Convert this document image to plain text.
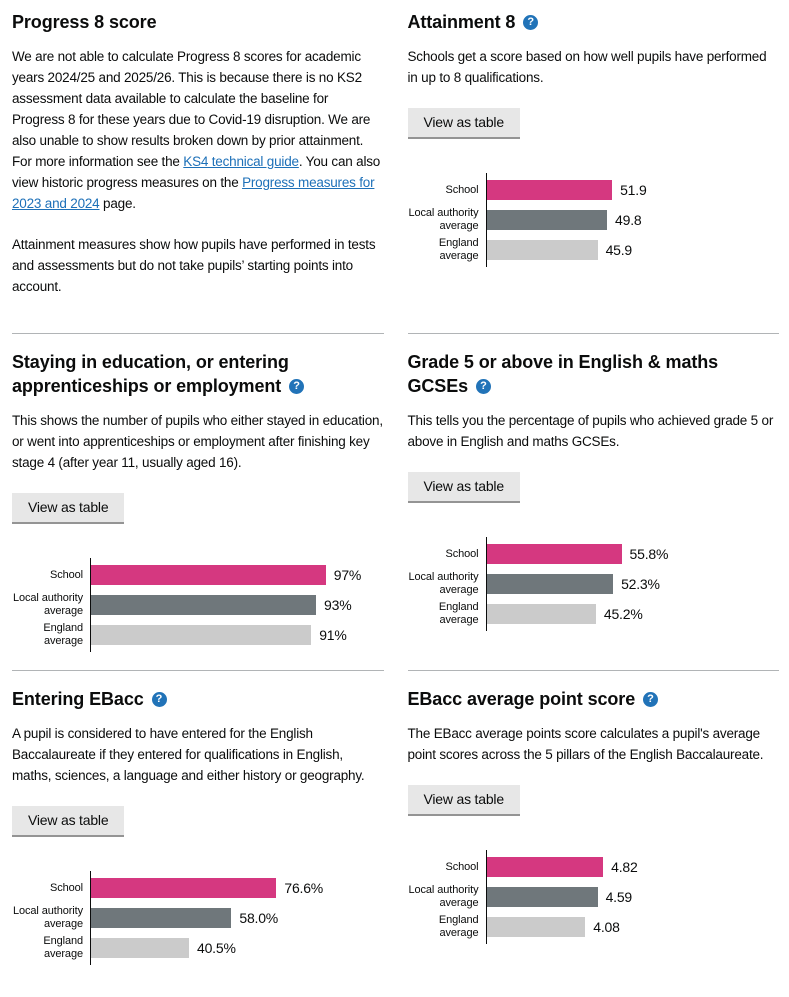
Progress 8 score

We are not able to calculate Progress 8 scores for academic years 2024/25 and 2025/26. This is because there is no KS2 assessment data available to calculate the baseline for Progress 8 for these years due to Covid-19 disruption. We are also unable to show results broken down by prior attainment. For more information see the KS4 technical guide. You can also view historic progress measures on the Progress measures for 2023 and 2024 page.

Attainment measures show how pupils have performed in tests and assessments but do not take pupils’ starting points into account.

Attainment 8 ?

Schools get a score based on how well pupils have performed in up to 8 qualifications.

View as table
School
Local authority average
England average
51.9
49.8
45.9
Staying in education, or entering apprenticeships or employment ?

This shows the number of pupils who either stayed in education, or went into apprenticeships or employment after finishing key stage 4 (after year 11, usually aged 16).

View as table
School
Local authority average
England average
97%
93%
91%
Grade 5 or above in English & maths GCSEs ?

This tells you the percentage of pupils who achieved grade 5 or above in English and maths GCSEs.

View as table
School
Local authority average
England average
55.8%
52.3%
45.2%
Entering EBacc ?

A pupil is considered to have entered for the English Baccalaureate if they entered for qualifications in English, maths, sciences, a language and either history or geography.

View as table
School
Local authority average
England average
76.6%
58.0%
40.5%
EBacc average point score ?

The EBacc average points score calculates a pupil's average point scores across the 5 pillars of the English Baccalaureate.

View as table
School
Local authority average
England average
4.82
4.59
4.08
